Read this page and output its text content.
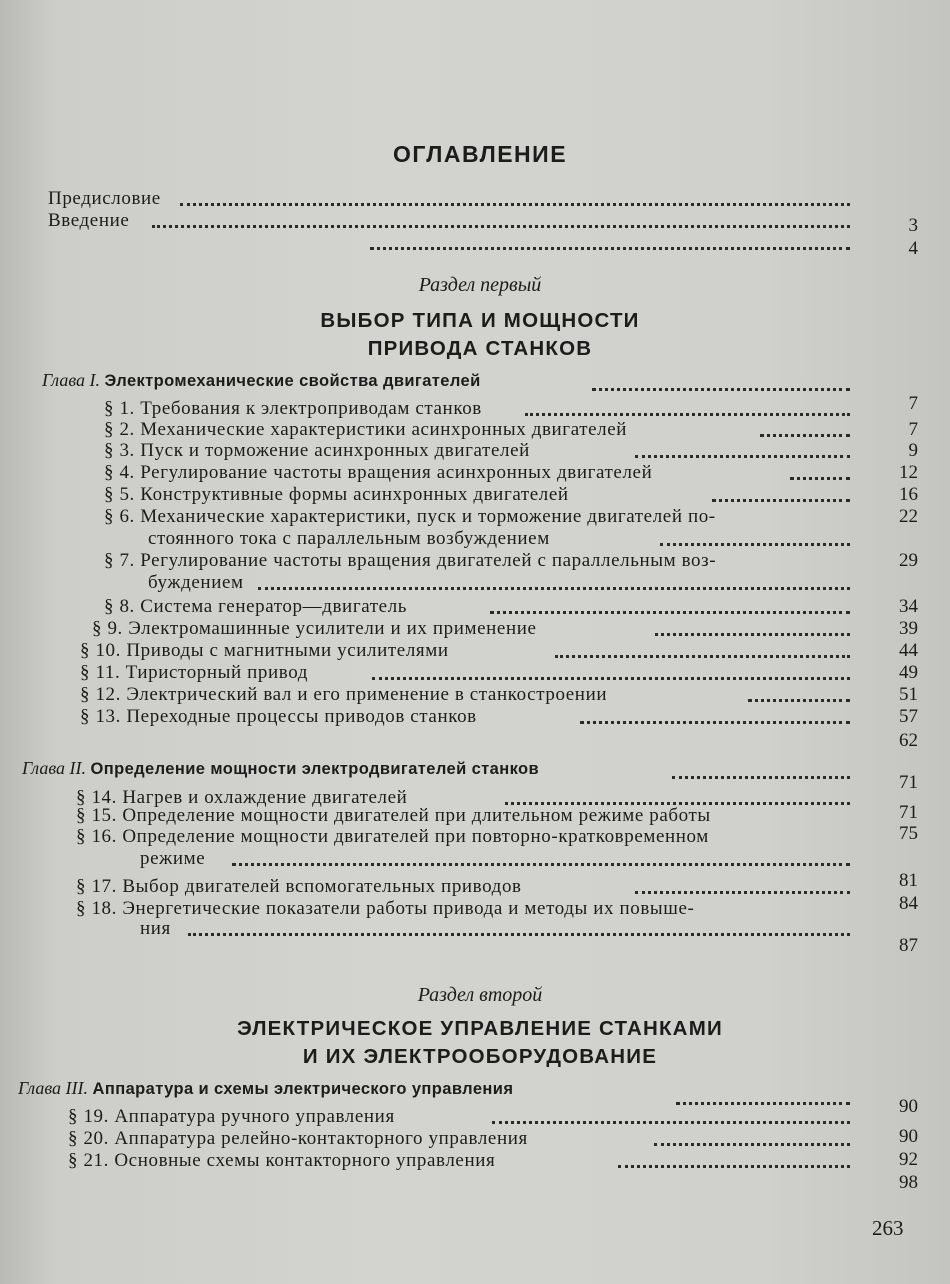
ОГЛАВЛЕНИЕ
Предисловие
Введение	3
4
Раздел первый
ВЫБОР ТИПА И МОЩНОСТИ
ПРИВОДА СТАНКОВ
Глава I. Электромеханические свойства двигателей
7
§ 1. Требования к электроприводам станков
7
§ 2. Механические характеристики асинхронных двигателей
9
§ 3. Пуск и торможение асинхронных двигателей
12
§ 4. Регулирование частоты вращения асинхронных двигателей
16
§ 5. Конструктивные формы асинхронных двигателей
22
§ 6. Механические характеристики, пуск и торможение двигателей по-
стоянного тока с параллельным возбуждением
29
§ 7. Регулирование частоты вращения двигателей с параллельным воз-
буждением
34
§ 8. Система генератор—двигатель
39
§ 9. Электромашинные усилители и их применение
44
§ 10. Приводы с магнитными усилителями
49
§ 11. Тиристорный привод
51
§ 12. Электрический вал и его применение в станкостроении
57
§ 13. Переходные процессы приводов станков
62
Глава II. Определение мощности электродвигателей станков
71
§ 14. Нагрев и охлаждение двигателей
71
§ 15. Определение мощности двигателей при длительном режиме работы
75
§ 16. Определение мощности двигателей при повторно-кратковременном
режиме
81
§ 17. Выбор двигателей вспомогательных приводов
84
§ 18. Энергетические показатели работы привода и методы их повыше-
ния
87
Раздел второй
ЭЛЕКТРИЧЕСКОЕ УПРАВЛЕНИЕ СТАНКАМИ
И ИХ ЭЛЕКТРООБОРУДОВАНИЕ
Глава III. Аппаратура и схемы электрического управления
90
§ 19. Аппаратура ручного управления
90
§ 20. Аппаратура релейно-контакторного управления
92
§ 21. Основные схемы контакторного управления
98
263
